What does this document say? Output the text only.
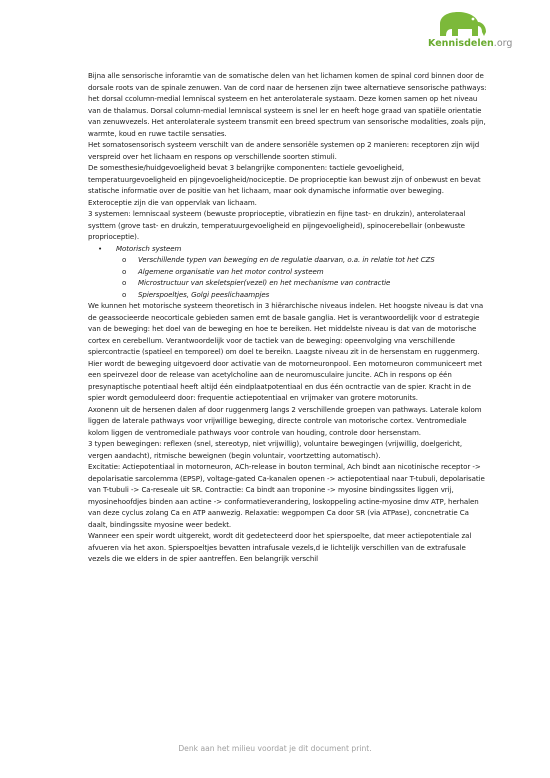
Kennisdelen.org

Bijna alle sensorische inforamtie van de somatische delen van het lichamen komen de spinal cord binnen door de dorsale roots van de spinale zenuwen. Van de cord naar de hersenen zijn twee alternatieve sensorische pathways: het dorsal ccolumn-medial lemniscal systeem en het anterolaterale systaam. Deze komen samen op het niveau van de thalamus. Dorsal column-medial lemniscal systeem is snel ler en heeft hoge graad van spatiële orientatie van zenuwvezels. Het anterolaterale systeem transmit een breed spectrum van sensorische modalities, zoals pijn, warmte, koud en ruwe tactile sensaties.

Het somatosensorisch systeem verschilt van de andere sensoriële systemen op 2 manieren: receptoren zijn wijd verspreid over het lichaam en respons op verschillende soorten stimuli.

De somesthesie/huidgevoeligheid bevat 3 belangrijke componenten: tactiele gevoeligheid, temperatuurgevoeligheid en pijngevoeligheid/nociceptie. De proprioceptie kan bewust zijn of onbewust en bevat statische informatie over de positie van het lichaam, maar ook dynamische informatie over beweging. Exteroceptie zijn die van oppervlak van lichaam.

3 systemen: lemniscaal systeem (bewuste proprioceptie, vibratiezin en fijne tast- en drukzin), anterolateraal systtem (grove tast- en drukzin, temperatuurgevoeligheid en pijngevoeligheid), spinocerebellair (onbewuste proprioceptie).

• Motorisch systeem
o Verschillende typen van beweging en de regulatie daarvan, o.a. in relatie tot het CZS
o Algemene organisatie van het motor control systeem
o Microstructuur van skeletspier(vezel) en het mechanisme van contractie
o Spierspoeltjes, Golgi peeslichaampjes

We kunnen het motorische systeem theoretisch in 3 hiërarchische niveaus indelen. Het hoogste niveau is dat vna de geassocieerde neocorticale gebieden samen emt de basale ganglia. Het is verantwoordelijk voor d estrategie van de beweging: het doel van de beweging en hoe te bereiken. Het middelste niveau is dat van de motorische cortex en cerebellum. Verantwoordelijk voor de tactiek van de beweging: opeenvolging vna verschillende spiercontractie (spatieel en temporeel) om doel te bereikn. Laagste niveau zit in de hersenstam en ruggenmerg. Hier wordt de beweging uitgevoerd door activatie van de motorneuronpool. Een motorneuron communiceert met een speirvezel door de release van acetylcholine aan de neuromusculaire juncite. ACh in respons op één presynaptische potentiaal heeft altijd één eindplaatpotentiaal en dus één ocntractie van de spier. Kracht in de spier wordt gemoduleerd door: frequentie actiepotentiaal en vrijmaker van grotere motorunits.

Axonenn uit de hersenen dalen af door ruggenmerg langs 2 verschillende groepen van pathways. Laterale kolom liggen de laterale pathways voor vrijwillige beweging, directe controle van motorische cortex. Ventromediale kolom liggen de ventromediale pathways voor controle van houding, controle door hersenstam.

3 typen bewegingen: reflexen (snel, stereotyp, niet vrijwillig), voluntaire bewegingen (vrijwillig, doelgericht, vergen aandacht), ritmische beweignen (begin voluntair, voortzetting automatisch).

Excitatie: Actiepotentiaal in motorneuron, ACh-release in bouton terminal, Ach bindt aan nicotinische receptor -> depolarisatie sarcolemma (EPSP), voltage-gated Ca-kanalen openen -> actiepotentiaal naar T-tubuli, depolarisatie van T-tubuli -> Ca-reseale uit SR. Contractie: Ca bindt aan troponine -> myosine bindingssites liggen vrij, myosinehoofdjes binden aan actine -> conformatieverandering, loskoppeling actine-myosine dmv ATP, herhalen van deze cyclus zolang Ca en ATP aanwezig. Relaxatie: wegpompen Ca door SR (via ATPase), concnetratie Ca daalt, bindingssite myosine weer bedekt.

Wanneer een speir wordt uitgerekt, wordt dit gedetecteerd door het spierspoelte, dat meer actiepotentiale zal afvueren via het axon. Spierspoeltjes bevatten intrafusale vezels,d ie lichtelijk verschillen van de extrafusale vezels die we elders in de spier aantreffen. Een belangrijk verschil

Denk aan het milieu voordat je dit document print.
